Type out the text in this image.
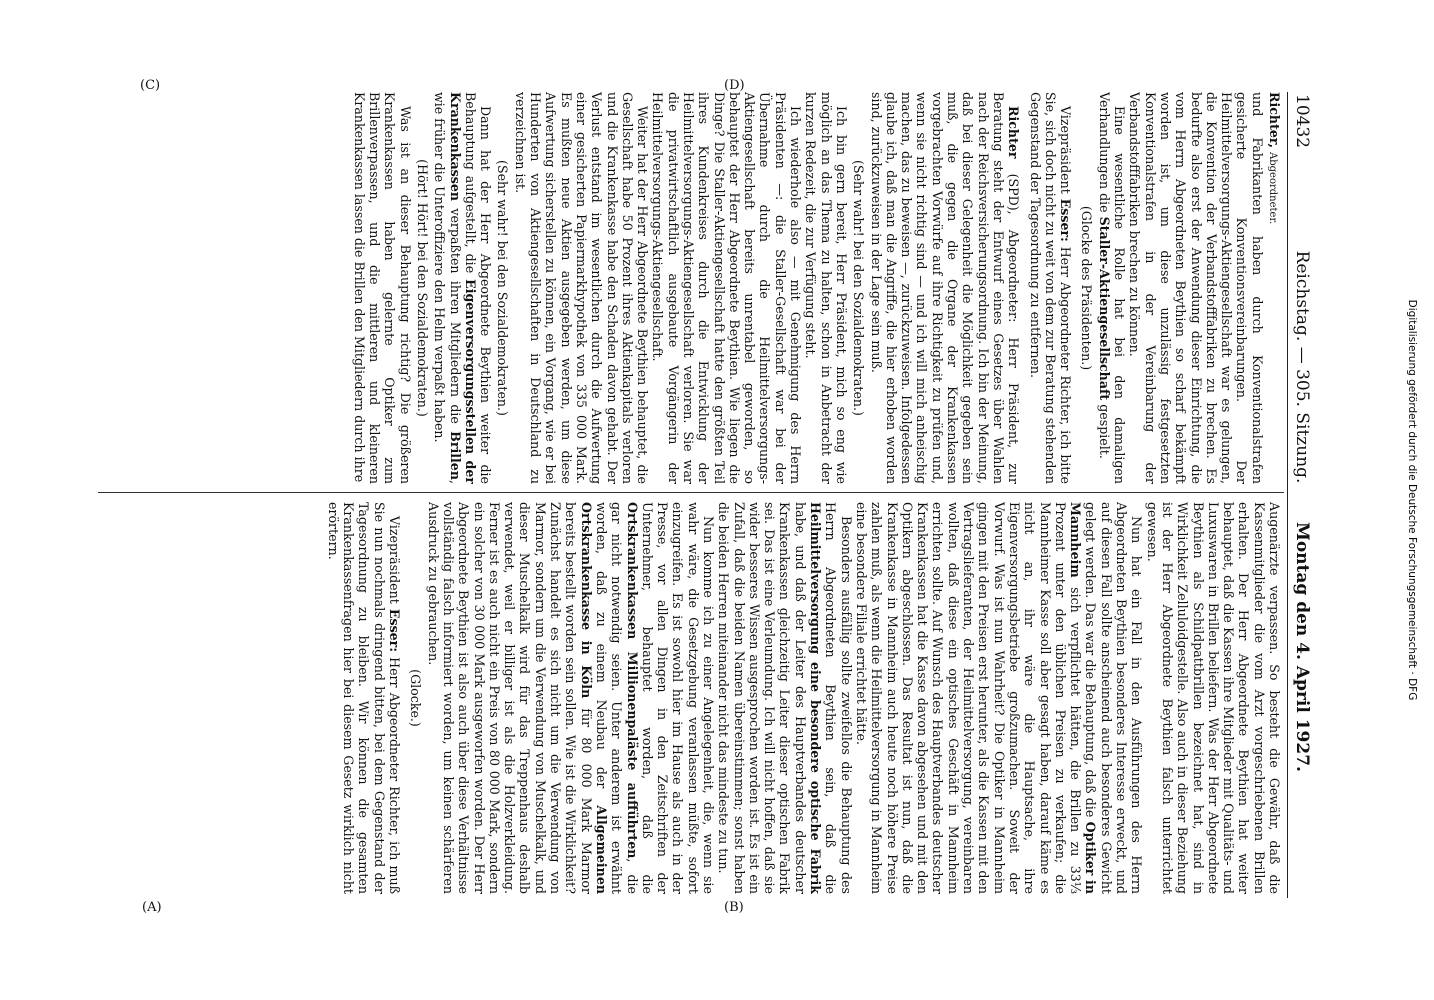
10432
Reichstag. — 305. Sitzung.
Montag den 4. April 1927.

Richter, Abgeordneter.

und Fabrikanten haben durch Konventionalstrafen gesicherte Konventionsvereinbarungen. Der Heilmittelversorgungs-Aktiengesellschaft war es gelungen, die Konvention der Verbandstofffabriken zu brechen. Es bedurfte also erst der Anwendung dieser Einrichtung, die vom Herrn Abgeordneten Beythien so scharf bekämpft worden ist, um diese unzulässig festgesetzten Konventionalstrafen in der Vereinbarung der Verbandstofffabriken brechen zu können.

Eine wesentliche Rolle hat bei den damaligen Verhandlungen die Staller-Aktiengesellschaft gespielt.

(Glocke des Präsidenten.)

Vizepräsident Esser: Herr Abgeordneter Richter, ich bitte Sie, sich doch nicht zu weit von dem zur Beratung stehenden Gegenstand der Tagesordnung zu entfernen.

Richter (SPD), Abgeordneter: Herr Präsident, zur Beratung steht der Entwurf eines Gesetzes über Wahlen nach der Reichsversicherungsordnung. Ich bin der Meinung, daß bei dieser Gelegenheit die Möglichkeit gegeben sein muß, die gegen die Organe der Krankenkassen vorgebrachten Vorwürfe auf ihre Richtigkeit zu prüfen und, wenn sie nicht richtig sind — und ich will mich anheischig machen, das zu beweisen —, zurückzuweisen. Infolgedessen glaube ich, daß man die Angriffe, die hier erhoben worden sind, zurückzuweisen in der Lage sein muß.

(Sehr wahr! bei den Sozialdemokraten.)

Ich bin gern bereit, Herr Präsident, mich so eng wie möglich an das Thema zu halten, schon in Anbetracht der kurzen Redezeit, die zur Verfügung steht.

Ich wiederhole also — mit Genehmigung des Herrn Präsidenten —: die Staller-Gesellschaft war bei der Übernahme durch die Heilmittelversorgungs-Aktiengesellschaft bereits unrentabel geworden, so behauptet der Herr Abgeordnete Beythien. Wie liegen die Dinge? Die Staller-Aktiengesellschaft hatte den größten Teil ihres Kundenkreises durch die Entwicklung der Heilmittelversorgungs-Aktiengesellschaft verloren. Sie war die privatwirtschaftlich ausgebaute Vorgängerin der Heilmittelversorgungs-Aktiengesellschaft.

Weiter hat der Herr Abgeordnete Beythien behauptet, die Gesellschaft habe 50 Prozent ihres Aktienkapitals verloren und die Krankenkasse habe den Schaden davon gehabt. Der Verlust entstand im wesentlichen durch die Aufwertung einer gesicherten Papiermarkhypothek von 335 000 Mark. Es mußten neue Aktien ausgegeben werden, um diese Aufwertung sicherstellen zu können, ein Vorgang, wie er bei Hunderten von Aktiengesellschaften in Deutschland zu verzeichnen ist.

(Sehr wahr! bei den Sozialdemokraten.)

Dann hat der Herr Abgeordnete Beythien weiter die Behauptung aufgestellt, die Eigenversorgungsstellen der Krankenkassen verpaßten ihren Mitgliedern die Brillen, wie früher die Unteroffiziere den Helm verpaßt haben.

(Hört! Hört! bei den Sozialdemokraten.)

Was ist an dieser Behauptung richtig? Die größeren Krankenkassen haben gelernte Optiker zum Brillenverpassen, und die mittleren und kleineren Krankenkassen lassen die Brillen den Mitgliedern durch ihre

Augenärzte verpassen. So besteht die Gewähr, daß die Kassenmitglieder die vom Arzt vorgeschriebenen Brillen erhalten. Der Herr Abgeordnete Beythien hat weiter behauptet, daß die Kassen ihre Mitglieder mit Qualitäts- und Luxuswaren in Brillen beliefern. Was der Herr Abgeordnete Beythien als Schildpattbrillen bezeichnet hat, sind in Wirklichkeit Zelluloidgestelle. Also auch in dieser Beziehung ist der Herr Abgeordnete Beythien falsch unterrichtet gewesen.

Nun hat ein Fall in den Ausführungen des Herrn Abgeordneten Beythien besonderes Interesse erweckt, und auf diesen Fall sollte anscheinend auch besonderes Gewicht gelegt werden. Das war die Behauptung, daß die Optiker in Mannheim sich verpflichtet hätten, die Brillen zu 33⅓ Prozent unter den üblichen Preisen zu verkaufen; die Mannheimer Kasse soll aber gesagt haben, darauf käme es nicht an, ihr wäre die Hauptsache, ihre Eigenversorgungsbetriebe großzumachen. Soweit der Vorwurf. Was ist nun Wahrheit? Die Optiker in Mannheim gingen mit den Preisen erst herunter, als die Kassen mit den Vertragslieferanten, der Heilmittelversorgung, vereinbaren wollten, daß diese ein optisches Geschäft in Mannheim errichten sollte. Auf Wunsch des Hauptverbandes deutscher Krankenkassen hat die Kasse davon abgesehen und mit den Optikern abgeschlossen. Das Resultat ist nun, daß die Krankenkasse in Mannheim auch heute noch höhere Preise zahlen muß, als wenn die Heilmittelversorgung in Mannheim eine besondere Filiale errichtet hätte.

Besonders ausfällig sollte zweifellos die Behauptung des Herrn Abgeordneten Beythien sein, daß die Heilmittelversorgung eine besondere optische Fabrik habe, und daß der Leiter des Hauptverbandes deutscher Krankenkassen gleichzeitig Leiter dieser optischen Fabrik sei. Das ist eine Verleumdung. Ich will nicht hoffen, daß sie wider besseres Wissen ausgesprochen worden ist. Es ist ein Zufall, daß die beiden Namen übereinstimmen; sonst haben die beiden Herren miteinander nicht das mindeste zu tun.

Nun komme ich zu einer Angelegenheit, die, wenn sie wahr wäre, die Gesetzgebung veranlassen müßte, sofort einzugreifen. Es ist sowohl hier im Hause als auch in der Presse, vor allen Dingen in den Zeitschriften der Unternehmer, behauptet worden, daß die Ortskrankenkassen Millionenpaläste aufführten, die gar nicht notwendig seien. Unter anderem ist erwähnt worden, daß zu einem Neubau der Allgemeinen Ortskrankenkasse in Köln für 80 000 Mark Marmor bereits bestellt worden sein sollen. Wie ist die Wirklichkeit? Zunächst handelt es sich nicht um die Verwendung von Marmor, sondern um die Verwendung von Muschelkalk, und dieser Muschelkalk wird für das Treppenhaus deshalb verwendet, weil er billiger ist als die Holzverkleidung. Ferner ist es auch nicht ein Preis von 80 000 Mark, sondern ein solcher von 30 000 Mark ausgeworfen worden. Der Herr Abgeordnete Beythien ist also auch über diese Verhältnisse vollständig falsch informiert worden, um keinen schärferen Ausdruck zu gebrauchen.

(Glocke.)

Vizepräsident Esser: Herr Abgeordneter Richter, ich muß Sie nun nochmals dringend bitten, bei dem Gegenstand der Tagesordnung zu bleiben. Wir können die gesamten Krankenkassenfragen hier bei diesem Gesetz wirklich nicht erörtern.

(A)	(B)
(C)	(D)
Digitalisierung gefördert durch die Deutsche Forschungsgemeinschaft · DFG
